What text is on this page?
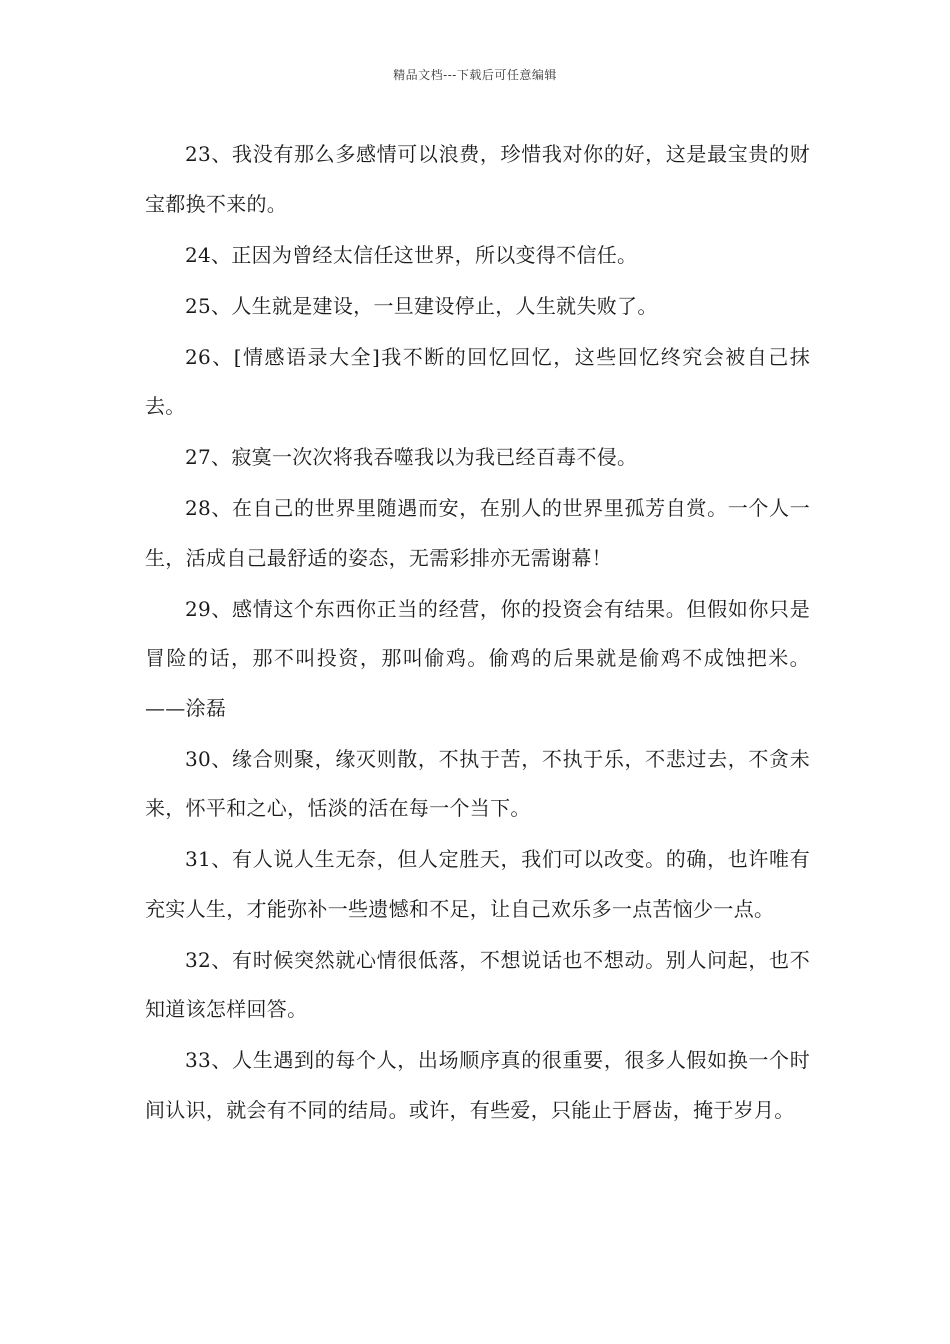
精品文档---下载后可任意编辑

23、我没有那么多感情可以浪费，珍惜我对你的好，这是最宝贵的财宝都换不来的。

24、正因为曾经太信任这世界，所以变得不信任。

25、人生就是建设，一旦建设停止，人生就失败了。

26、[情感语录大全]我不断的回忆回忆，这些回忆终究会被自己抹去。

27、寂寞一次次将我吞噬我以为我已经百毒不侵。

28、在自己的世界里随遇而安，在别人的世界里孤芳自赏。一个人一生，活成自己最舒适的姿态，无需彩排亦无需谢幕！

29、感情这个东西你正当的经营，你的投资会有结果。但假如你只是冒险的话，那不叫投资，那叫偷鸡。偷鸡的后果就是偷鸡不成蚀把米。——涂磊

30、缘合则聚，缘灭则散，不执于苦，不执于乐，不悲过去，不贪未来，怀平和之心，恬淡的活在每一个当下。

31、有人说人生无奈，但人定胜天，我们可以改变。的确，也许唯有充实人生，才能弥补一些遗憾和不足，让自己欢乐多一点苦恼少一点。

32、有时候突然就心情很低落，不想说话也不想动。别人问起，也不知道该怎样回答。

33、人生遇到的每个人，出场顺序真的很重要，很多人假如换一个时间认识，就会有不同的结局。或许，有些爱，只能止于唇齿，掩于岁月。
